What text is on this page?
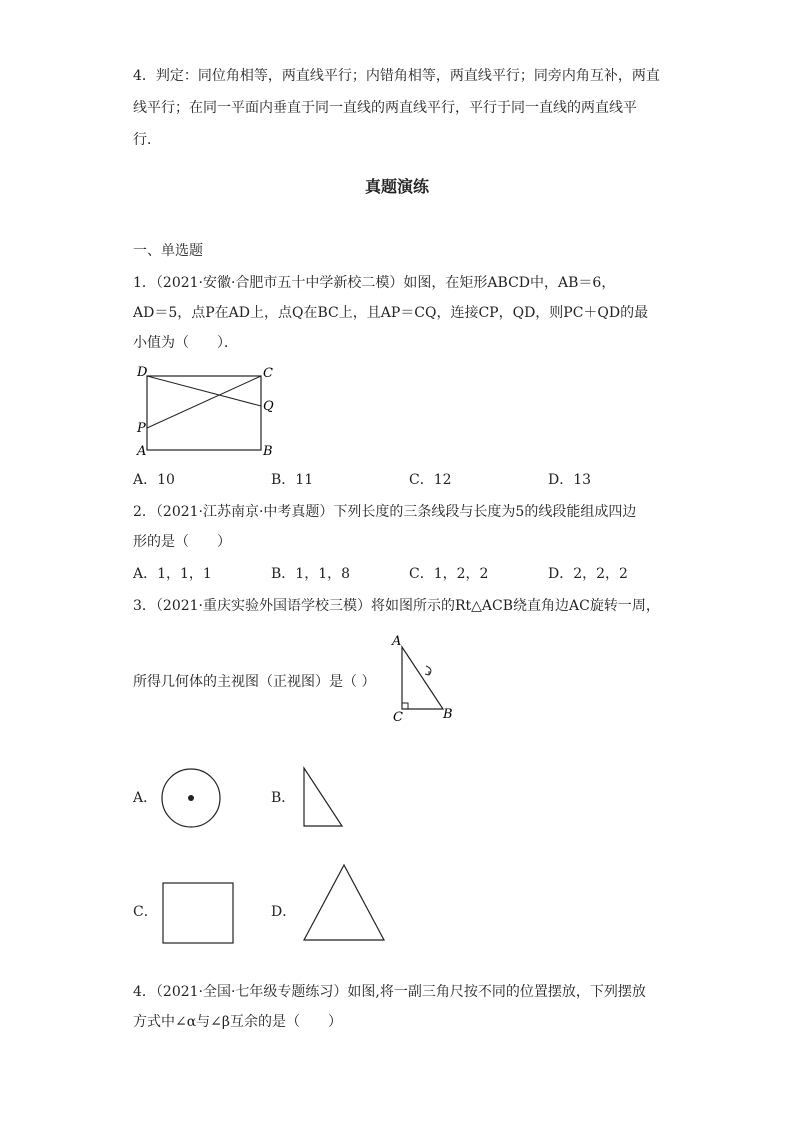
4．判定：同位角相等，两直线平行；内错角相等，两直线平行；同旁内角互补，两直
线平行；在同一平面内垂直于同一直线的两直线平行，平行于同一直线的两直线平
行．
真题演练
一、单选题
1．（2021·安徽·合肥市五十中学新校二模）如图，在矩形ABCD中，AB＝6，
AD＝5，点P在AD上，点Q在BC上，且AP＝CQ，连接CP，QD，则PC＋QD的最
小值为（　　）．
D	C
Q
P
A	B
A．10	B．11	C．12	D．13
2．（2021·江苏南京·中考真题）下列长度的三条线段与长度为5的线段能组成四边
形的是（　　）
A．1，1，1	B．1，1，8	C．1，2，2	D．2，2，2
3．（2021·重庆实验外国语学校三模）将如图所示的Rt△ACB绕直角边AC旋转一周，
A
C	B
所得几何体的主视图（正视图）是（ ）
A．	B．
C．	D．
4．（2021·全国·七年级专题练习）如图,将一副三角尺按不同的位置摆放，下列摆放
方式中∠α与∠β互余的是（　　）
